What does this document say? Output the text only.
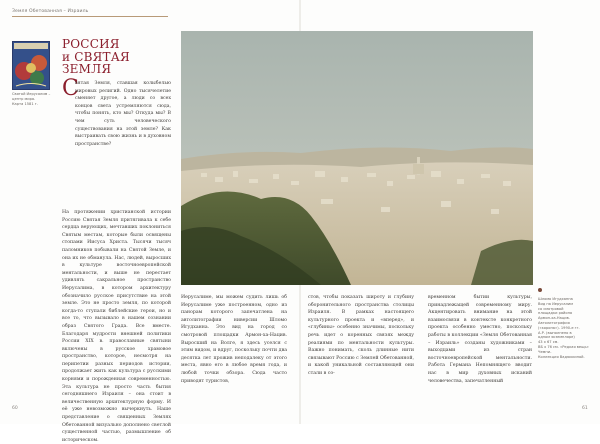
Земля Обетованная – Израиль
Святой Иерусалим –
центр мира.
Карта 1581 г.
РОССИЯ
и СВЯТАЯ ЗЕМЛЯ
С

вятая Земля, ставшая колыбелью мировых религий. Одно тысячелетие сменяет другое, а люди со всех концов света устремляются сюда, чтобы понять, кто мы? Откуда мы? В чем суть человеческого существования на этой земле? Как выстраивать свою жизнь и в духовном пространстве?

На протяжении христианской истории Россию Святая Земля притягивала к себе сердца верующих, мечтавших поклониться Святым местам, которые были освящены стопами Иисуса Христа. Тысячи тысяч паломников побывали на Святой Земле, и она их не обманула. Нас, людей, выросших в культуре восточноевропейской ментальности, и выше не перестает удивлять сакральное пространство Иерусалима, в котором архитектуру обозначило русское присутствие на этой земле. Это не просто земля, по которой когда-то ступали библейские герои, но и все то, что вызывало в нашем сознании образ Святого Града. Все вместе. Благодаря мудрости внешней политики России XIX в. православные святыни включены в русское храмовое пространство, которое, несмотря на перипетии разных периодов истории, продолжает жить как культура с русскими корнями и порожденная современностью. Эта культура не просто часть бытия сегодняшнего Израиля – она стоит в величественную архитектурную форму. И её уже невозможно вычеркнуть. Наше представление о священных Землях Обетованной визуально дополнено светлой существенной частью, размышление об историческом.

Шломо Игудханна
Вид на Иерусалим
со смотровой
площадки района
Армон-ха-Нацив.
Автолитография
(«корона»). 1990-е гг.
А.Р. (выполнено в
одном экземпляре)
43 х 67 см.
ВБ х 76 см. «Редкая вещь» Чемпи-
Коллекция Вадюхкиной.

Иерусалиме, мы можем судить лишь об Иерусалиме уже построенном, одно из панорам которого запечатлена на автолитографии ниверсии Шломо Игудханна. Это вид на город со смотровой площадки Армон-ха-Нацив. Выросший на Волге, я здесь уселся с этим видом, и вдруг, поскольку почти два десятка лет прожив неподалеку от этого места, явно его в любое время года, и любой точки обзора. Сюда часто приводят туристов,

стов, чтобы показать широту и глубину оборонительного пространства столицы Израиля. В рамках настоящего культурного проекта и «вперед», и «глубины» особенно значимы, поскольку речь идет о коренных связях между реалиями по ментальности культуры. Важно понимать, сколь длинные нити связывают Россию с Землей Обетованной, и какой уникальной составляющей они стали в со-

временном бытии культуры, принадлежащей современному миру. Акцентировать внимание на этой взаимосвязи в контексте конкретного проекта особенно уместно, поскольку работы в коллекции «Земля Обетованная – Израиль» созданы художниками – выходцами из стран восточноевропейской ментальности. Работа Германа Непомнящего вводит нас в мир духовных исканий человечества, запечатленный

60	61
